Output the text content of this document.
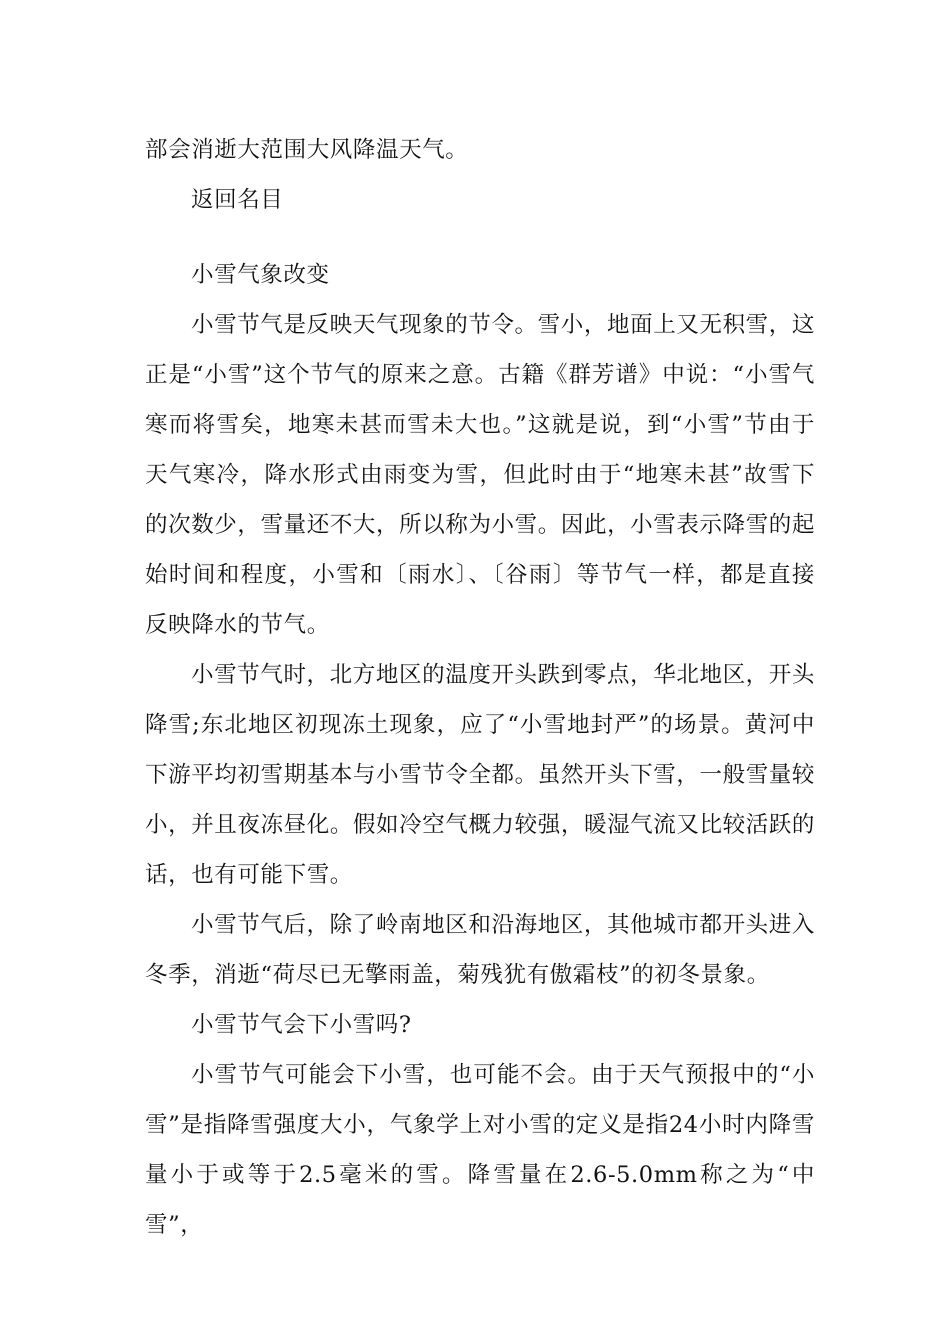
部会消逝大范围大风降温天气。

返回名目

小雪气象改变

小雪节气是反映天气现象的节令。雪小，地面上又无积雪，这正是“小雪”这个节气的原来之意。古籍《群芳谱》中说：“小雪气寒而将雪矣，地寒未甚而雪未大也。”这就是说，到“小雪”节由于天气寒冷，降水形式由雨变为雪，但此时由于“地寒未甚”故雪下的次数少，雪量还不大，所以称为小雪。因此，小雪表示降雪的起始时间和程度，小雪和〔雨水〕、〔谷雨〕等节气一样，都是直接反映降水的节气。

小雪节气时，北方地区的温度开头跌到零点，华北地区，开头降雪;东北地区初现冻土现象，应了“小雪地封严”的场景。黄河中下游平均初雪期基本与小雪节令全都。虽然开头下雪，一般雪量较小，并且夜冻昼化。假如冷空气概力较强，暖湿气流又比较活跃的话，也有可能下雪。

小雪节气后，除了岭南地区和沿海地区，其他城市都开头进入冬季，消逝“荷尽已无擎雨盖，菊残犹有傲霜枝”的初冬景象。

小雪节气会下小雪吗?

小雪节气可能会下小雪，也可能不会。由于天气预报中的“小雪”是指降雪强度大小，气象学上对小雪的定义是指24小时内降雪量小于或等于2.5毫米的雪。降雪量在2.6-5.0mm称之为“中雪”，
